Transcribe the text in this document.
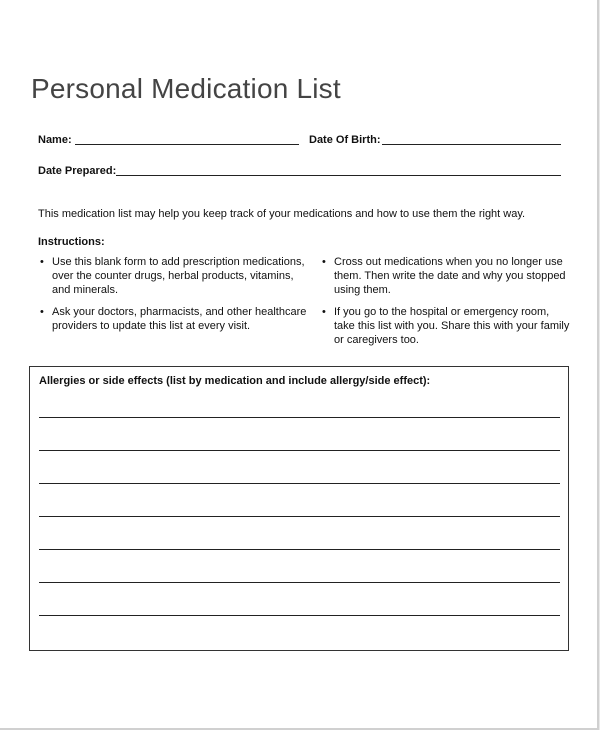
Personal Medication List
Name:	Date Of Birth:
Date Prepared:

This medication list may help you keep track of your medications and how to use them the right way.

Instructions:

• Use this blank form to add prescription medications, over the counter drugs, herbal products, vitamins, and minerals.
• Ask your doctors, pharmacists, and other healthcare providers to update this list at every visit.
• Cross out medications when you no longer use them. Then write the date and why you stopped using them.
• If you go to the hospital or emergency room, take this list with you. Share this with your family or caregivers too.
Allergies or side effects (list by medication and include allergy/side effect):
